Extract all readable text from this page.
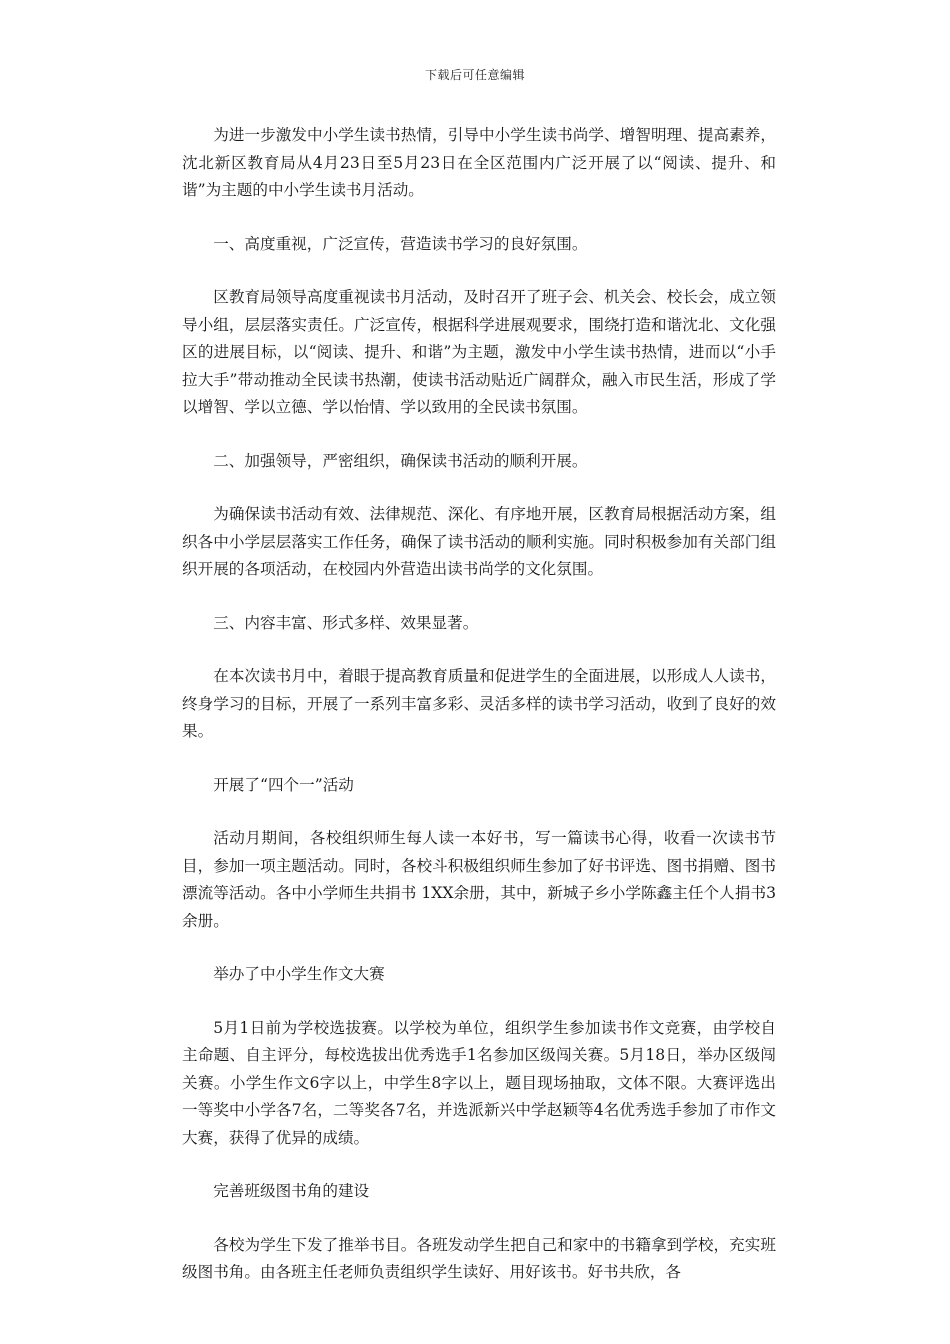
下载后可任意编辑

为进一步激发中小学生读书热情，引导中小学生读书尚学、增智明理、提高素养，沈北新区教育局从4月23日至5月23日在全区范围内广泛开展了以“阅读、提升、和谐”为主题的中小学生读书月活动。

一、高度重视，广泛宣传，营造读书学习的良好氛围。

区教育局领导高度重视读书月活动，及时召开了班子会、机关会、校长会，成立领导小组，层层落实责任。广泛宣传，根据科学进展观要求，围绕打造和谐沈北、文化强区的进展目标，以“阅读、提升、和谐”为主题，激发中小学生读书热情，进而以“小手拉大手”带动推动全民读书热潮，使读书活动贴近广阔群众，融入市民生活，形成了学以增智、学以立德、学以怡情、学以致用的全民读书氛围。

二、加强领导，严密组织，确保读书活动的顺利开展。

为确保读书活动有效、法律规范、深化、有序地开展，区教育局根据活动方案，组织各中小学层层落实工作任务，确保了读书活动的顺利实施。同时积极参加有关部门组织开展的各项活动，在校园内外营造出读书尚学的文化氛围。

三、内容丰富、形式多样、效果显著。

在本次读书月中，着眼于提高教育质量和促进学生的全面进展，以形成人人读书，终身学习的目标，开展了一系列丰富多彩、灵活多样的读书学习活动，收到了良好的效果。

开展了“四个一”活动

活动月期间，各校组织师生每人读一本好书，写一篇读书心得，收看一次读书节目，参加一项主题活动。同时，各校斗积极组织师生参加了好书评选、图书捐赠、图书漂流等活动。各中小学师生共捐书 1XX余册，其中，新城子乡小学陈鑫主任个人捐书3余册。

举办了中小学生作文大赛

5月1日前为学校选拔赛。以学校为单位，组织学生参加读书作文竞赛，由学校自主命题、自主评分，每校选拔出优秀选手1名参加区级闯关赛。5月18日，举办区级闯关赛。小学生作文6字以上，中学生8字以上，题目现场抽取，文体不限。大赛评选出一等奖中小学各7名，二等奖各7名，并选派新兴中学赵颖等4名优秀选手参加了市作文大赛，获得了优异的成绩。

完善班级图书角的建设

各校为学生下发了推举书目。各班发动学生把自己和家中的书籍拿到学校，充实班级图书角。由各班主任老师负责组织学生读好、用好该书。好书共欣，各
